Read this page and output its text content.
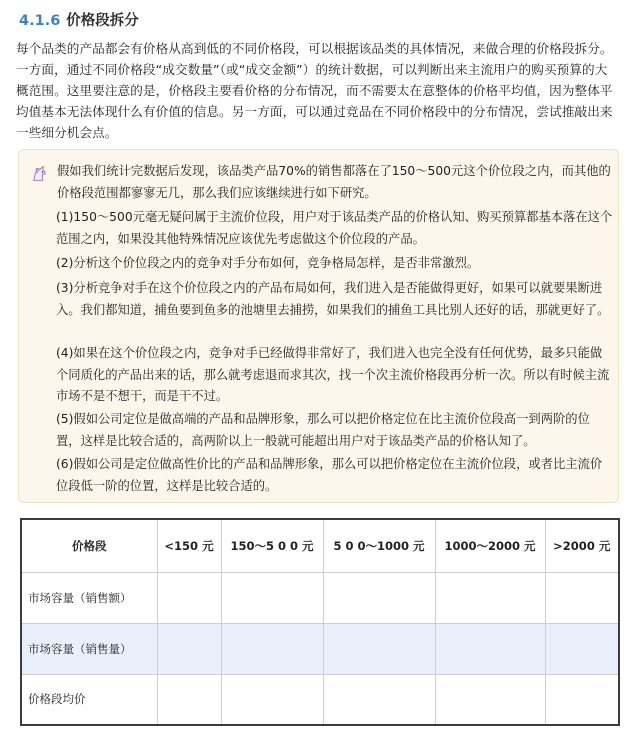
4.1.6 价格段拆分

每个品类的产品都会有价格从高到低的不同价格段，可以根据该品类的具体情况，来做合理的价格段拆分。一方面，通过不同价格段“成交数量”（或“成交金额”）的统计数据，可以判断出来主流用户的购买预算的大概范围。这里要注意的是，价格段主要看价格的分布情况，而不需要太在意整体的价格平均值，因为整体平均值基本无法体现什么有价值的信息。另一方面，可以通过竞品在不同价格段中的分布情况，尝试推敲出来一些细分机会点。

假如我们统计完数据后发现，该品类产品70%的销售都落在了150～500元这个价位段之内，而其他的价格段范围都寥寥无几，那么我们应该继续进行如下研究。

(1)150～500元毫无疑问属于主流价位段，用户对于该品类产品的价格认知、购买预算都基本落在这个范围之内，如果没其他特殊情况应该优先考虑做这个价位段的产品。

(2)分析这个价位段之内的竞争对手分布如何，竞争格局怎样，是否非常激烈。

(3)分析竞争对手在这个价位段之内的产品布局如何，我们进入是否能做得更好，如果可以就要果断进入。我们都知道，捕鱼要到鱼多的池塘里去捕捞，如果我们的捕鱼工具比别人还好的话，那就更好了。

(4)如果在这个价位段之内，竞争对手已经做得非常好了，我们进入也完全没有任何优势，最多只能做个同质化的产品出来的话，那么就考虑退而求其次，找一个次主流价格段再分析一次。所以有时候主流市场不是不想干，而是干不过。

(5)假如公司定位是做高端的产品和品牌形象，那么可以把价格定位在比主流价位段高一到两阶的位置，这样是比较合适的，高两阶以上一般就可能超出用户对于该品类产品的价格认知了。

(6)假如公司是定位做高性价比的产品和品牌形象，那么可以把价格定位在主流价位段，或者比主流价位段低一阶的位置，这样是比较合适的。

价格段	<150 元	150～5 0 0 元	5 0 0～1000 元	1000～2000 元	>2000 元
市场容量（销售额）					
市场容量（销售量）					
价格段均价					
